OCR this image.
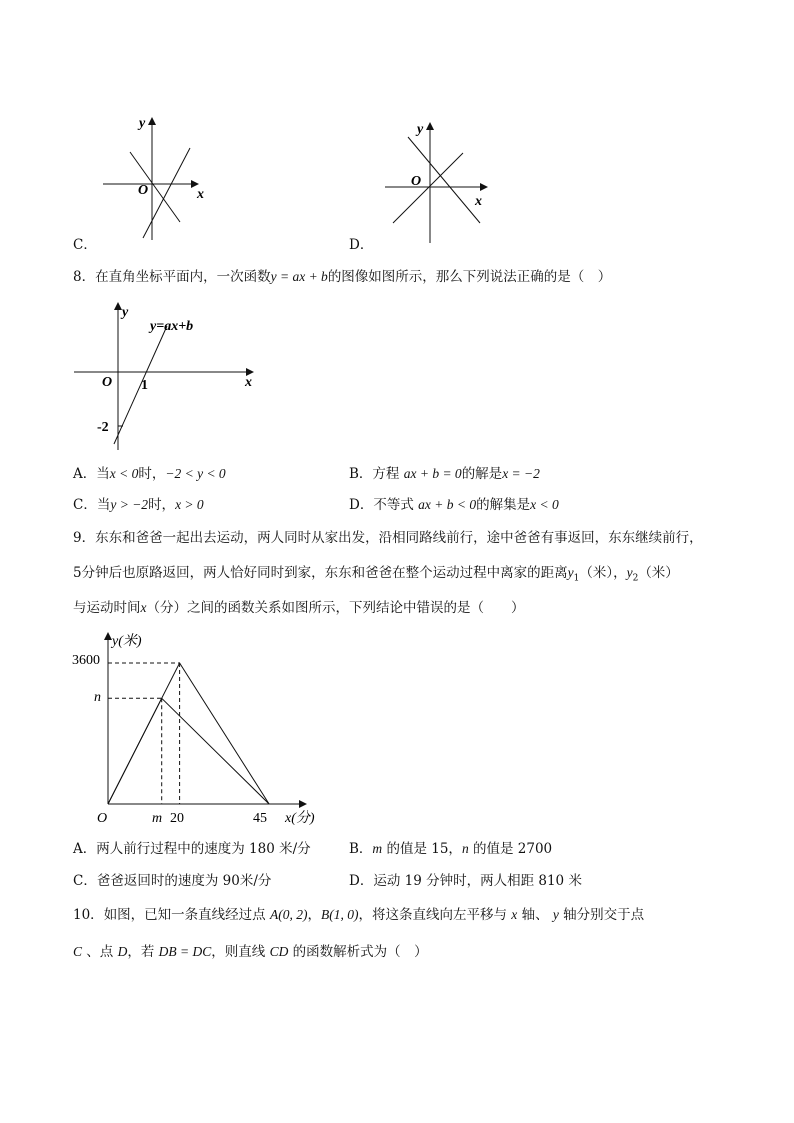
y
x
O
C．
y
x
O
D．
8．在直角坐标平面内，一次函数y = ax + b的图像如图所示，那么下列说法正确的是（　）
y
y=ax+b
x
O 1
-2
A．当x < 0时，−2 < y < 0	B．方程 ax + b = 0的解是x = −2
C．当y > −2时，x > 0	D．不等式 ax + b < 0的解集是x < 0
9．东东和爸爸一起出去运动，两人同时从家出发，沿相同路线前行，途中爸爸有事返回，东东继续前行，
5分钟后也原路返回，两人恰好同时到家，东东和爸爸在整个运动过程中离家的距离$y_1$（米），$y_2$（米）
与运动时间x（分）之间的函数关系如图所示，下列结论中错误的是（　　）
y(米)
3600
n
O	m 20	45 x(分)
A．两人前行过程中的速度为 180 米/分	B．m 的值是 15，n 的值是 2700
C．爸爸返回时的速度为 90米/分	D．运动 19 分钟时，两人相距 810 米
10．如图，已知一条直线经过点 A(0, 2)，B(1, 0)，将这条直线向左平移与 x 轴、 y 轴分别交于点
C 、点 D，若 DB = DC，则直线 CD 的函数解析式为（　）
